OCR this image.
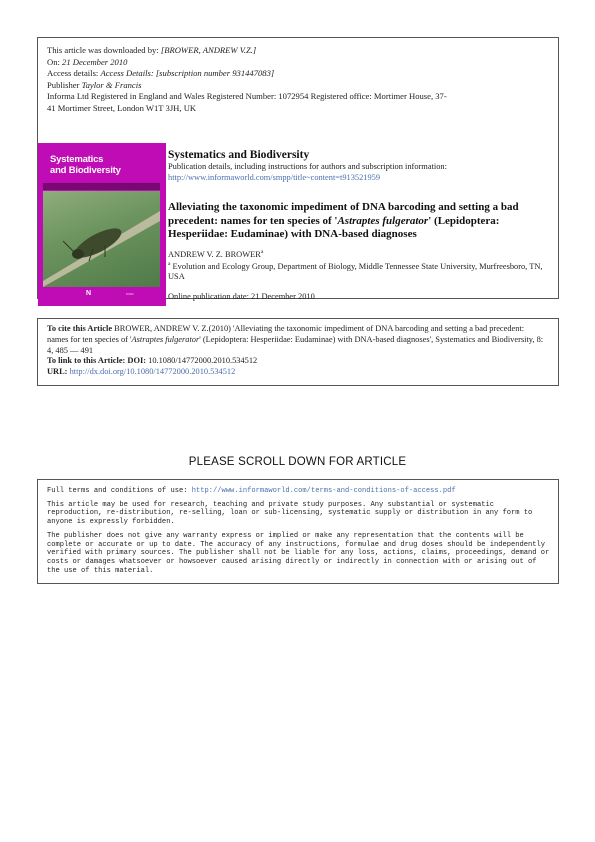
This article was downloaded by: [BROWER, ANDREW V.Z.]
On: 21 December 2010
Access details: Access Details: [subscription number 931447083]
Publisher Taylor & Francis
Informa Ltd Registered in England and Wales Registered Number: 1072954 Registered office: Mortimer House, 37-
41 Mortimer Street, London W1T 3JH, UK
Systematics
and Biodiversity
N	▭▭
Systematics and Biodiversity
Publication details, including instructions for authors and subscription information:
http://www.informaworld.com/smpp/title~content=t913521959
Alleviating the taxonomic impediment of DNA barcoding and setting a bad precedent: names for ten species of 'Astraptes fulgerator' (Lepidoptera: Hesperiidae: Eudaminae) with DNA-based diagnoses
ANDREW V. Z. BROWER$^a$
$^a$ Evolution and Ecology Group, Department of Biology, Middle Tennessee State University, Murfreesboro, TN, USA
Online publication date: 21 December 2010
To cite this Article BROWER, ANDREW V. Z.(2010) 'Alleviating the taxonomic impediment of DNA barcoding and setting a bad precedent: names for ten species of 'Astraptes fulgerator' (Lepidoptera: Hesperiidae: Eudaminae) with DNA-based diagnoses', Systematics and Biodiversity, 8: 4, 485 — 491
To link to this Article: DOI: 10.1080/14772000.2010.534512
URL: http://dx.doi.org/10.1080/14772000.2010.534512
PLEASE SCROLL DOWN FOR ARTICLE

Full terms and conditions of use: http://www.informaworld.com/terms-and-conditions-of-access.pdf

This article may be used for research, teaching and private study purposes. Any substantial or systematic reproduction, re-distribution, re-selling, loan or sub-licensing, systematic supply or distribution in any form to anyone is expressly forbidden.

The publisher does not give any warranty express or implied or make any representation that the contents will be complete or accurate or up to date. The accuracy of any instructions, formulae and drug doses should be independently verified with primary sources. The publisher shall not be liable for any loss, actions, claims, proceedings, demand or costs or damages whatsoever or howsoever caused arising directly or indirectly in connection with or arising out of the use of this material.
